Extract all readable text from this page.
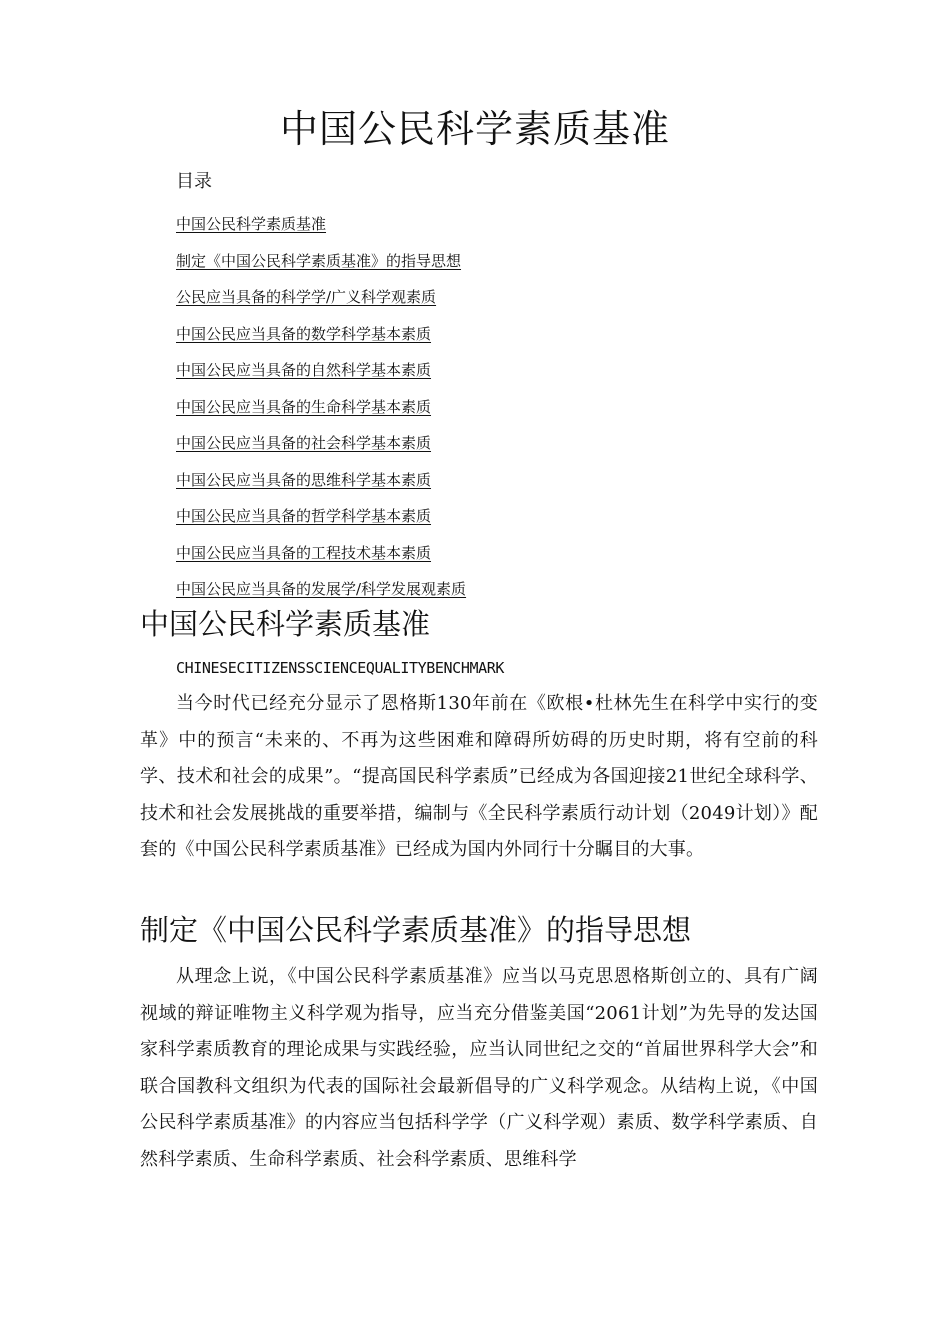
中国公民科学素质基准
目录
中国公民科学素质基准
制定《中国公民科学素质基准》的指导思想
公民应当具备的科学学/广义科学观素质
中国公民应当具备的数学科学基本素质
中国公民应当具备的自然科学基本素质
中国公民应当具备的生命科学基本素质
中国公民应当具备的社会科学基本素质
中国公民应当具备的思维科学基本素质
中国公民应当具备的哲学科学基本素质
中国公民应当具备的工程技术基本素质
中国公民应当具备的发展学/科学发展观素质
中国公民科学素质基准
CHINESECITIZENSSCIENCEQUALITYBENCHMARK

当今时代已经充分显示了恩格斯130年前在《欧根•杜林先生在科学中实行的变革》中的预言“未来的、不再为这些困难和障碍所妨碍的历史时期，将有空前的科学、技术和社会的成果”。“提高国民科学素质”已经成为各国迎接21世纪全球科学、技术和社会发展挑战的重要举措，编制与《全民科学素质行动计划（2049计划）》配套的《中国公民科学素质基准》已经成为国内外同行十分瞩目的大事。

制定《中国公民科学素质基准》的指导思想

从理念上说，《中国公民科学素质基准》应当以马克思恩格斯创立的、具有广阔视域的辩证唯物主义科学观为指导，应当充分借鉴美国“2061计划”为先导的发达国家科学素质教育的理论成果与实践经验，应当认同世纪之交的“首届世界科学大会”和联合国教科文组织为代表的国际社会最新倡导的广义科学观念。从结构上说，《中国公民科学素质基准》的内容应当包括科学学（广义科学观）素质、数学科学素质、自然科学素质、生命科学素质、社会科学素质、思维科学
